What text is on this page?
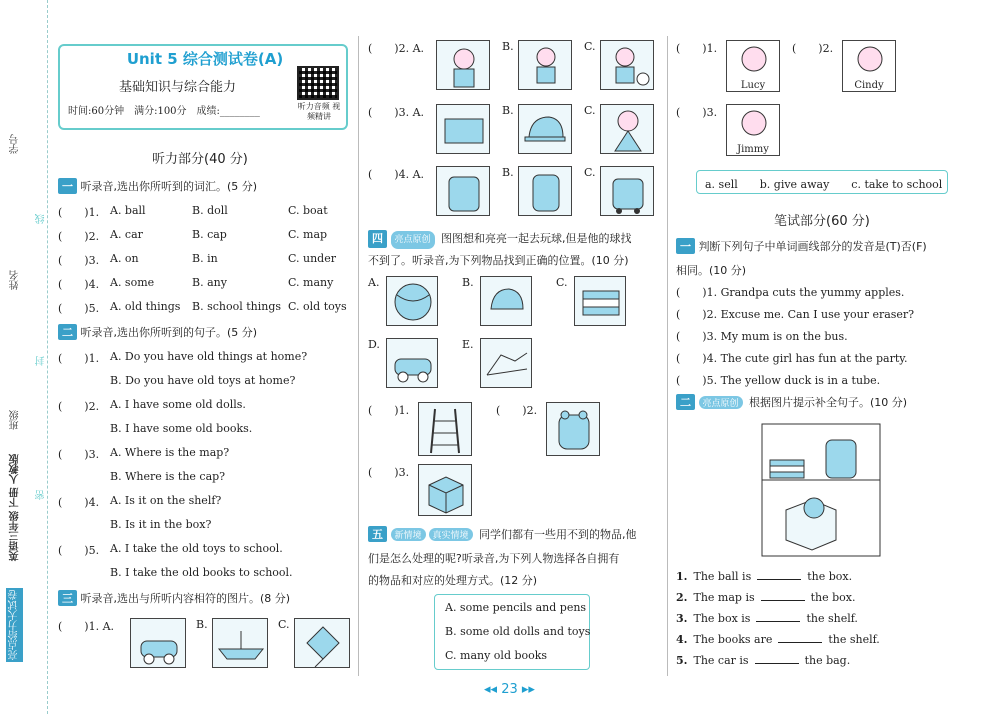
学号
姓名
班级
线
封
密
英语三年级 下册 人教版
亮点给力大试卷
Unit 5 综合测试卷(A)
基础知识与综合能力
时间:60分钟　满分:100分　成绩:________	听力音频 视频精讲
听力部分(40 分)
一 听录音,选出你所听到的词汇。(5 分)
(　　)1. A. ball	B. doll	C. boat
(　　)2. A. car	B. cap	C. map
(　　)3. A. on	B. in	C. under
(　　)4. A. some	B. any	C. many
(　　)5. A. old things B. school things C. old toys
二 听录音,选出你所听到的句子。(5 分)
(　　)1. A. Do you have old things at home?
B. Do you have old toys at home?
(　　)2. A. I have some old dolls.
B. I have some old books.
(　　)3. A. Where is the map?
B. Where is the cap?
(　　)4. A. Is it on the shelf?
B. Is it in the box?
(　　)5. A. I take the old toys to school.
B. I take the old books to school.
三 听录音,选出与所听内容相符的图片。(8 分)
(　　)1. A.	B.	C.
(　　)2. A.	B.	C.
(　　)3. A.	B.	C.
(　　)4. A.	B.	C.
四 亮点原创 图图想和亮亮一起去玩球,但是他的球找
不到了。听录音,为下列物品找到正确的位置。(10 分)
A.	B.	C.
D.	E.
(　　)1.	(　　)2.
(　　)3.
五 新情境 真实情境 同学们都有一些用不到的物品,他
们是怎么处理的呢?听录音,为下列人物选择各自拥有
的物品和对应的处理方式。(12 分)
A. some pencils and pens
B. some old dolls and toys
C. many old books
(　　)1.
Lucy
(　　)2.
Cindy
(　　)3.
Jimmy
a. sell　　b. give away　　c. take to school
笔试部分(60 分)
一 判断下列句子中单词画线部分的发音是(T)否(F)
相同。(10 分)
(　　)1. Grandpa cuts the yummy apples.
(　　)2. Excuse me. Can I use your eraser?
(　　)3. My mum is on the bus.
(　　)4. The cute girl has fun at the party.
(　　)5. The yellow duck is in a tube.
二 亮点原创 根据图片提示补全句子。(10 分)
1. The ball is	the box.
2. The map is	the box.
3. The box is	the shelf.
4. The books are	the shelf.
5. The car is	the bag.
◂◂ 23 ▸▸
